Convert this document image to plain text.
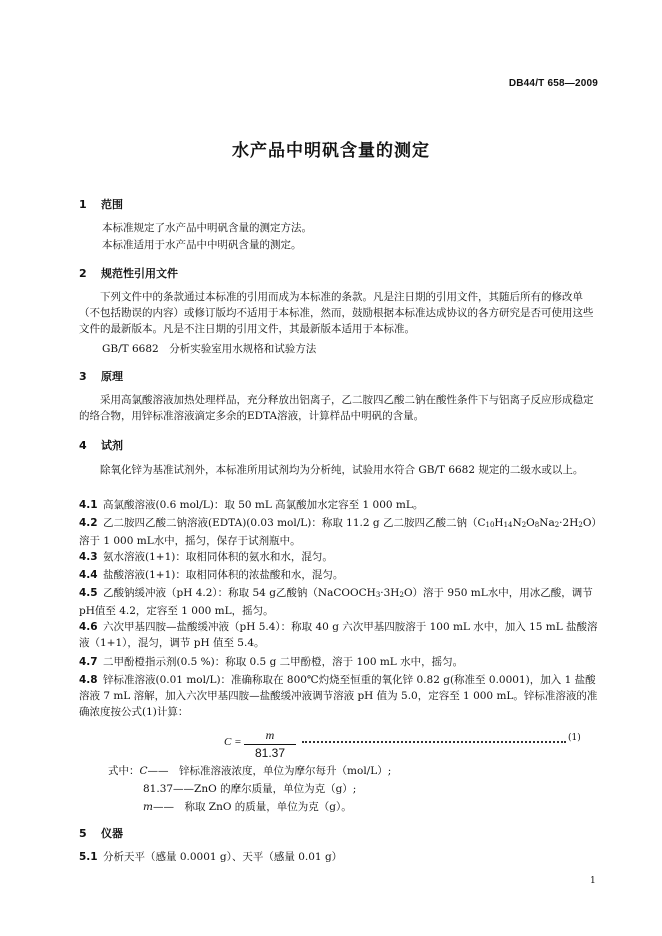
DB44/T 658—2009
水产品中明矾含量的测定
1 范围
本标准规定了水产品中明矾含量的测定方法。
本标准适用于水产品中中明矾含量的测定。
2 规范性引用文件
下列文件中的条款通过本标准的引用而成为本标准的条款。凡是注日期的引用文件，其随后所有的修改单（不包括勘误的内容）或修订版均不适用于本标准，然而，鼓励根据本标准达成协议的各方研究是否可使用这些文件的最新版本。凡是不注日期的引用文件，其最新版本适用于本标准。
GB/T 6682　分析实验室用水规格和试验方法
3 原理
采用高氯酸溶液加热处理样品，充分释放出铝离子，乙二胺四乙酸二钠在酸性条件下与铝离子反应形成稳定的络合物，用锌标准溶液滴定多余的EDTA溶液，计算样品中明矾的含量。
4 试剂
除氧化锌为基准试剂外，本标准所用试剂均为分析纯，试验用水符合 GB/T 6682 规定的二级水或以上。
4.1 高氯酸溶液(0.6 mol/L)：取 50 mL 高氯酸加水定容至 1 000 mL。
4.2 乙二胺四乙酸二钠溶液(EDTA)(0.03 mol/L)：称取 11.2 g 乙二胺四乙酸二钠$(C_{10}H_{14}N_2O_8Na_2\cdot 2H_2O)$溶于 1 000 mL水中，摇匀，保存于试剂瓶中。
4.3 氨水溶液(1+1)：取相同体积的氨水和水，混匀。
4.4 盐酸溶液(1+1)：取相同体积的浓盐酸和水，混匀。
4.5 乙酸钠缓冲液（pH 4.2）：称取 54 g乙酸钠$(NaCOOCH_3\cdot 3H_2O)$溶于 950 mL水中，用冰乙酸，调节pH值至 4.2，定容至 1 000 mL，摇匀。
4.6 六次甲基四胺—盐酸缓冲液（pH 5.4）：称取 40 g 六次甲基四胺溶于 100 mL 水中，加入 15 mL 盐酸溶液（1+1），混匀，调节 pH 值至 5.4。
4.7 二甲酚橙指示剂(0.5 %)：称取 0.5 g 二甲酚橙，溶于 100 mL 水中，摇匀。
4.8 锌标准溶液(0.01 mol/L)：准确称取在 800℃灼烧至恒重的氧化锌 0.82 g(称准至 0.0001)，加入 1 盐酸溶液 7 mL 溶解，加入六次甲基四胺—盐酸缓冲液调节溶液 pH 值为 5.0，定容至 1 000 mL。锌标准溶液的准确浓度按公式(1)计算：
C =	m
81.37
(1)
式中：C——　锌标准溶液浓度，单位为摩尔每升（mol/L）;
81.37——ZnO 的摩尔质量，单位为克（g）;
m——　称取 ZnO 的质量，单位为克（g）。
5 仪器
5.1 分析天平（感量 0.0001 g）、天平（感量 0.01 g）
1
